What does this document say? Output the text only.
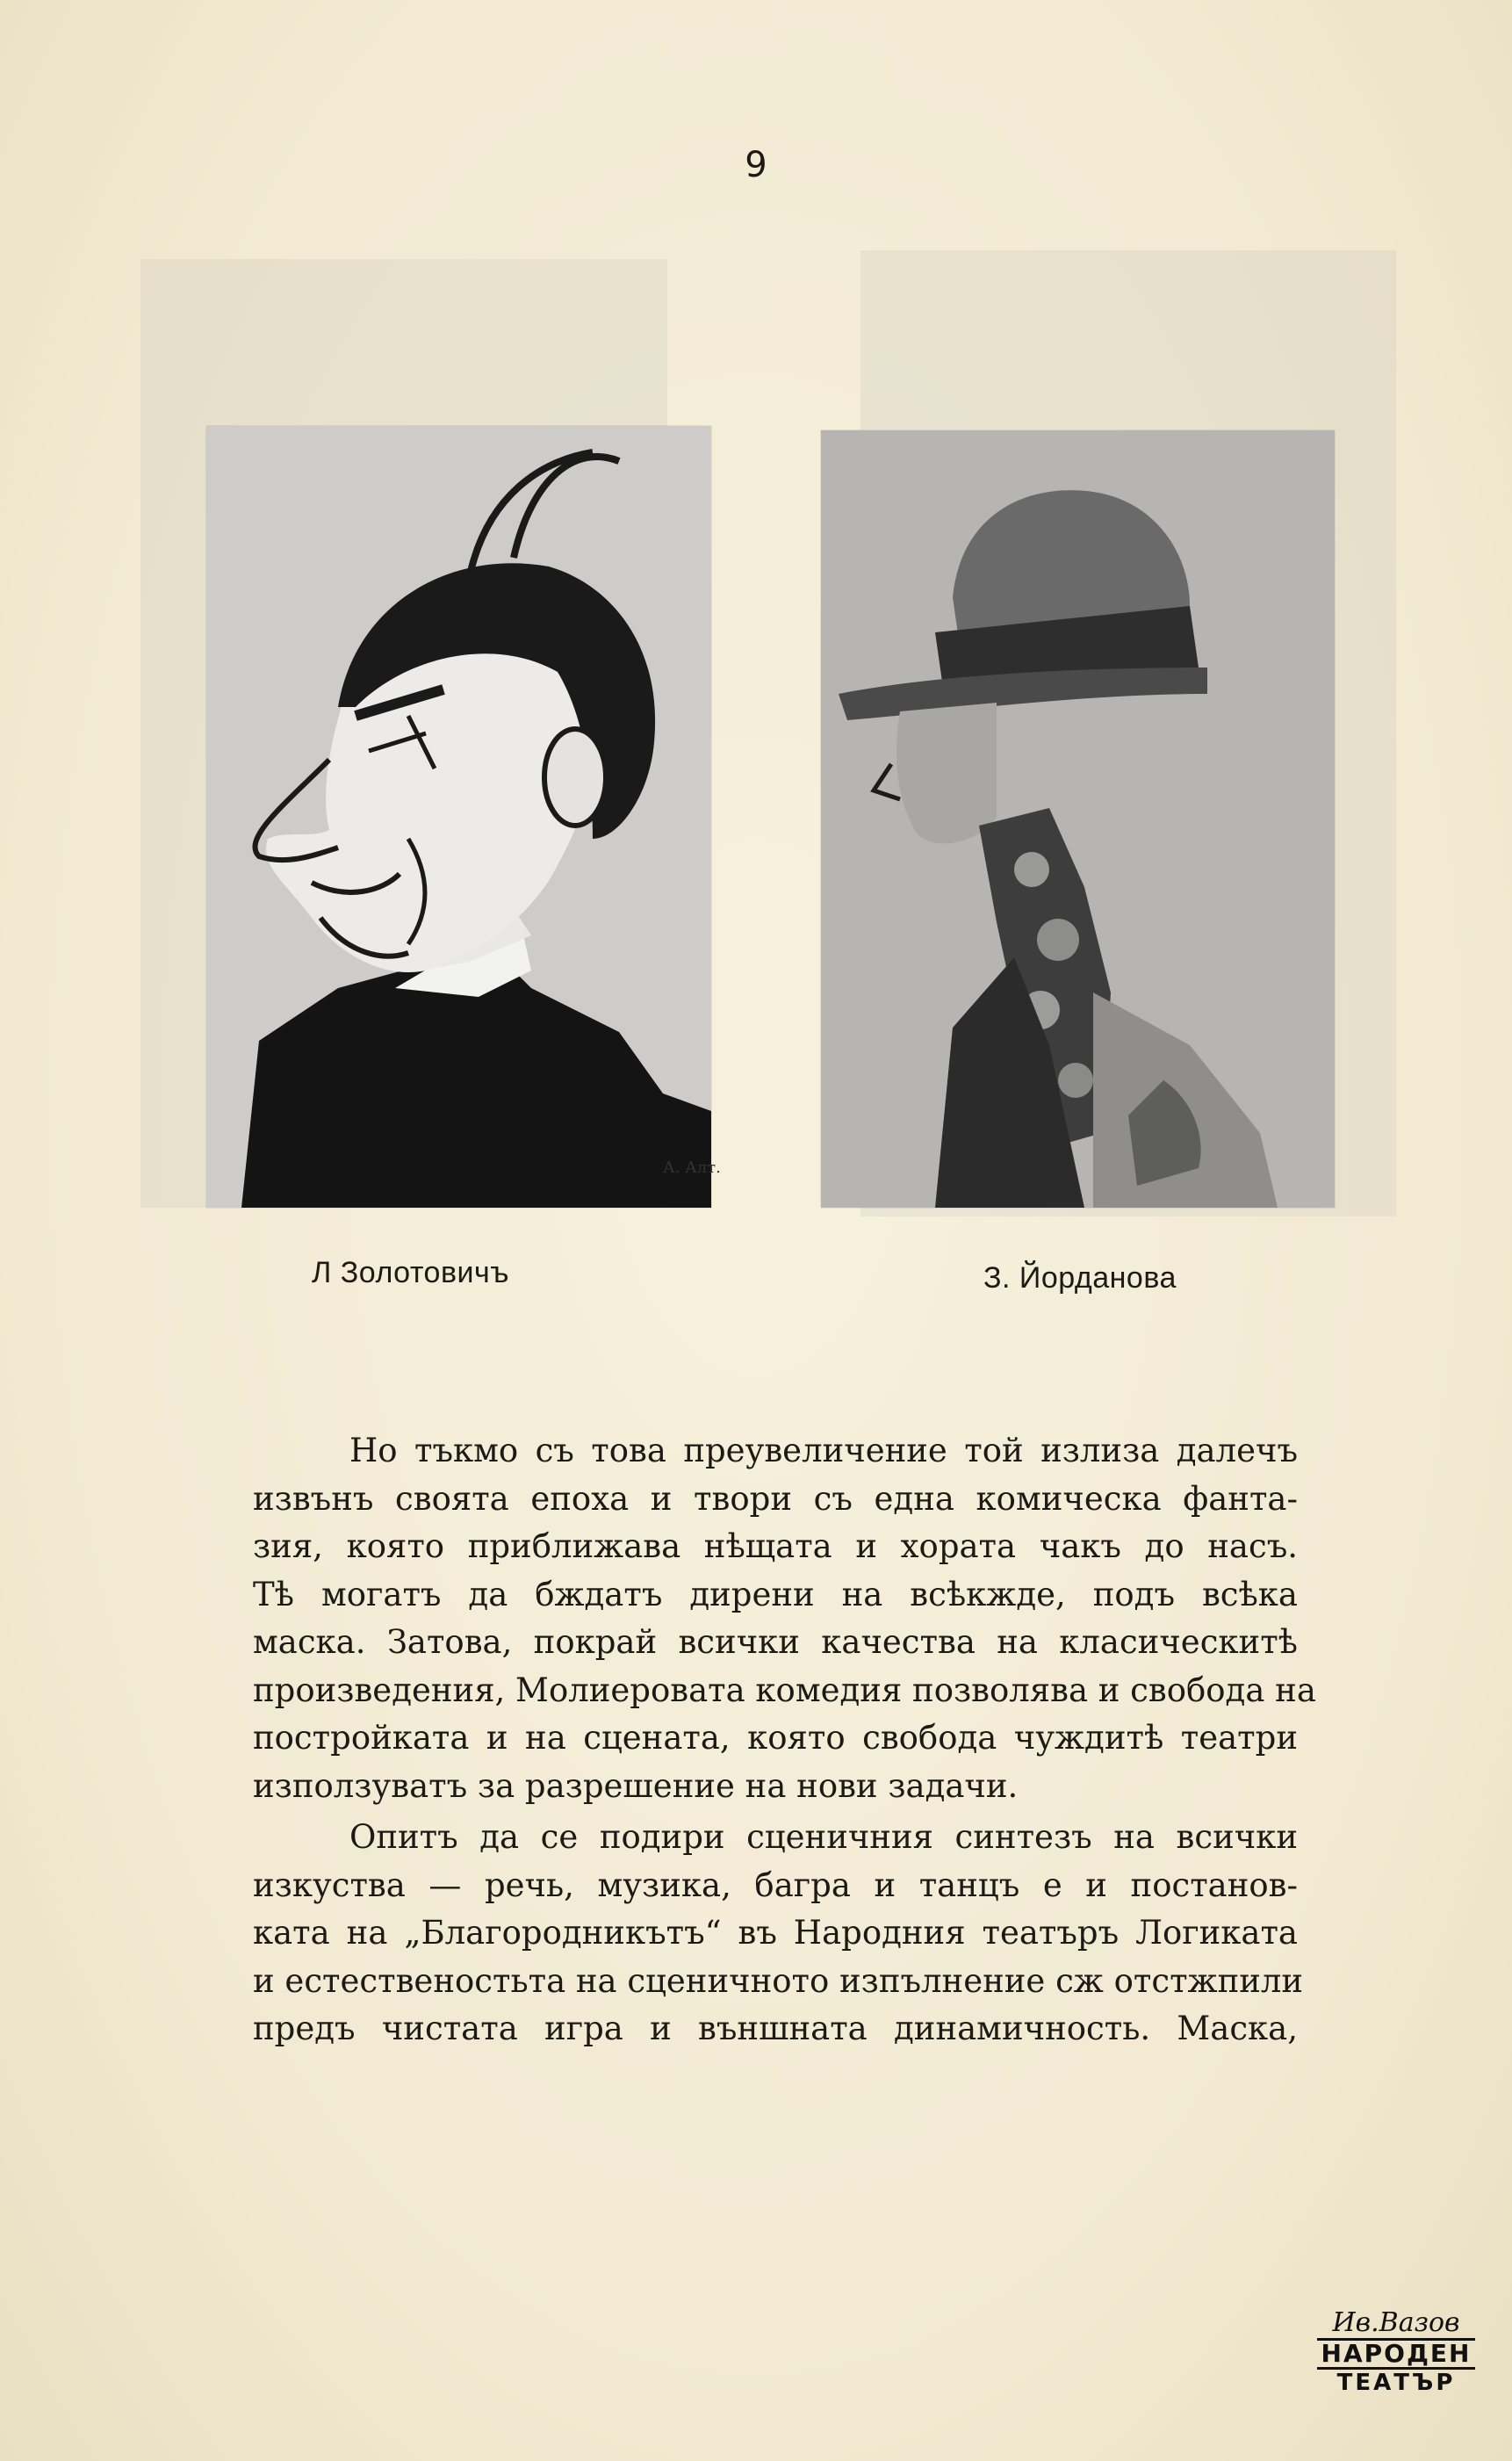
9
А. Алт.
Л Золотовичъ	З. Йорданова

Но тъкмо съ това преувеличение той излиза далечъ
извънъ своята епоха и твори съ една комическа фанта-
зия, която приближава нѣщата и хората чакъ до насъ.
Тѣ могатъ да бждатъ дирени на всѣкжде, подъ всѣка
маска. Затова, покрай всички качества на класическитѣ
произведения, Молиеровата комедия позволява и свобода на
постройката и на сцената, която свобода чуждитѣ театри
използуватъ за разрешение на нови задачи.

Опитъ да се подири сценичния синтезъ на всички
изкуства — речь, музика, багра и танцъ е и постанов-
ката на „Благородникътъ“ въ Народния театъръ Логиката
и естественостьта на сценичното изпълнение сж отстжпили
предъ чистата игра и външната динамичность. Маска,

Ив.Вазов
НАРОДЕН
ТЕАТЪР
